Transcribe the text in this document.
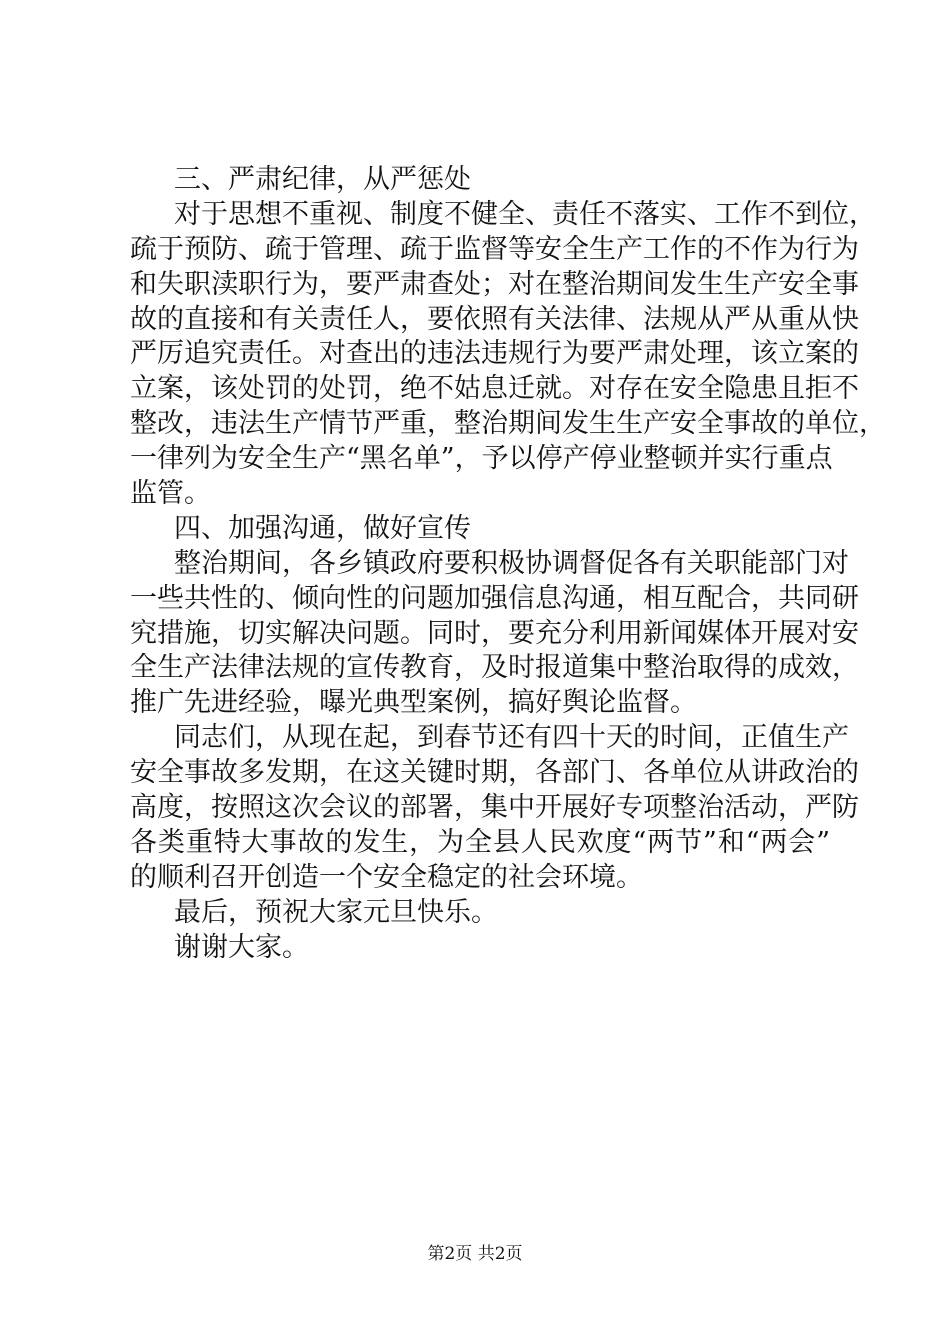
三、严肃纪律，从严惩处
对于思想不重视、制度不健全、责任不落实、工作不到位，
疏于预防、疏于管理、疏于监督等安全生产工作的不作为行为
和失职渎职行为，要严肃查处；对在整治期间发生生产安全事
故的直接和有关责任人，要依照有关法律、法规从严从重从快
严厉追究责任。对查出的违法违规行为要严肃处理，该立案的
立案，该处罚的处罚，绝不姑息迁就。对存在安全隐患且拒不
整改，违法生产情节严重，整治期间发生生产安全事故的单位，
一律列为安全生产“黑名单”，予以停产停业整顿并实行重点
监管。
四、加强沟通，做好宣传
整治期间，各乡镇政府要积极协调督促各有关职能部门对
一些共性的、倾向性的问题加强信息沟通，相互配合，共同研
究措施，切实解决问题。同时，要充分利用新闻媒体开展对安
全生产法律法规的宣传教育，及时报道集中整治取得的成效，
推广先进经验，曝光典型案例，搞好舆论监督。
同志们，从现在起，到春节还有四十天的时间，正值生产
安全事故多发期，在这关键时期，各部门、各单位从讲政治的
高度，按照这次会议的部署，集中开展好专项整治活动，严防
各类重特大事故的发生，为全县人民欢度“两节”和“两会”
的顺利召开创造一个安全稳定的社会环境。
最后，预祝大家元旦快乐。
谢谢大家。
第2页 共2页
